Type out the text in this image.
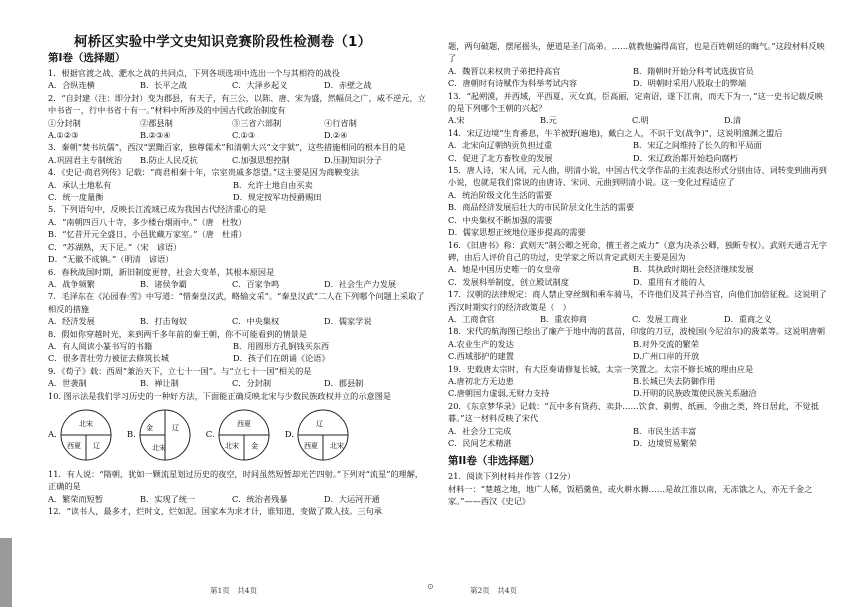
柯桥区实验中学文史知识竞赛阶段性检测卷（1）
第Ⅰ卷（选择题）
1．根据官渡之战、淝水之战的共同点，下列各项选项中选出一个与其相符的战役
A．合纵连横	B．长平之战	C．大泽乡起义	D．赤壁之战
2．“自封建（注：即分封）变为郡县，有天子，有三公，以陈、唐、宋为盛，然幅员之广，咸不逆元，立中书省一，行中书省十有一。”材料中所涉及的中国古代政治制度有
①分封制	②郡县制	③三省六部制	④行省制
A.①②③	B.②③④	C.①③	D.②④
3．秦朝“焚书坑儒”，西汉“罢黜百家，独尊儒术”和清朝大兴“文字狱”，这些措施相同的根本目的是
A.巩固君主专制统治	B.防止人民反抗	C.加强思想控制	D.压制知识分子
4．《史记·商君列传》记载：“商君相秦十年，宗室贵戚多怨望。”这主要是因为商鞅变法
A．承认土地私有	B．允许土地自由买卖
C．统一度量衡	D．规定按军功授爵赐田
5．下列语句中，反映长江流域已成为我国古代经济重心的是
A．“南朝四百八十寺，多少楼台烟雨中。”（唐　杜牧）
B．“忆昔开元全盛日，小邑犹藏万家室。”（唐　杜甫）
C．“苏湖熟，天下足。”（宋　谚语）
D．“无徽不成镇。”（明清　谚语）
6．春秋战国时期，新旧制度更替，社会大变革，其根本原因是
A．战争频繁	B．诸侯争霸	C．百家争鸣	D．社会生产力发展
7．毛泽东在《沁园春·雪》中写道：“惜秦皇汉武，略输文采”。“秦皇汉武”二人在下列哪个问题上采取了相反的措施
A．经济发展	B．打击匈奴	C．中央集权	D．儒家学说
8．假如你穿越时光，来到两千多年前的秦王朝，你不可能看到的情景是
A．有人阅读小篆书写的书籍	B．用圆形方孔铜钱买东西
C．很多青壮劳力被征去修筑长城	D．孩子们在朗诵《论语》
9．《荀子》载：西周“兼治天下，立七十一国”。与“立七十一国”相关的是
A．世袭制	B．禅让制	C．分封制	D．郡县制
10. 图示法是我们学习历史的一种好方法，下面能正确反映北宋与少数民族政权并立的示意图是
A.
北宋
西夏 辽
B.
金	辽
北宋
C.
西夏
北宋 金
D.
辽
西夏 北宋
11．有人说：“隋朝，犹如一颗流星划过历史的夜空，时间虽然短暂却光芒四射。”下列对“流星”的理解，正确的是
A．繁荣而短暂	B．实现了统一	C．统治者残暴	D．大运河开通
12．“读书人，最多才，烂时文，烂如泥。国家本为求才计，谁知道，变做了欺人技。三句承
第1页　共4页	⊙
题，两句破题，摆尾摇头，便道是圣门高弟。……就教他骗得高官，也是百姓朝廷的晦气。”这段材料反映了
A．魏晋以来权贵子弟把持高官	B．隋朝时开始分科考试选拔官员
C．唐朝时有诗赋作为科举考试内容	D．明朝时采用八股取士的弊端
13．“起朔漠，并西域，平西夏，灭女真，臣高丽，定南诏，遂下江南，而天下为一，”这一史书记载反映的是下列哪个王朝的兴起？
A.宋	B.元	C.明	D.清
14．宋辽边境“生育番息，牛羊被野(遍地)，戴白之人，不识干戈(战争)”，这说明澶渊之盟后
A．北宋向辽朝纳贡负担过重	B．宋辽之间维持了长久的和平局面
C．促进了北方畜牧业的发展	D．宋辽政治都开始趋向腐朽
15．唐人诗，宋人词，元人曲，明清小说，中国古代文学作品的主流表达形式分别由诗、词转变到曲再到小说，也就是我们常说的由唐诗、宋词、元曲到明清小说。这一变化过程适应了
A．统治阶级文化生活的需要
B．商品经济发展后壮大的市民阶层文化生活的需要
C．中央集权不断加强的需要
D．儒家思想正统地位逐步提高的需要
16．《旧唐书》称：武则天“制公卿之死命，擅王者之威力”（意为决杀公卿，独断专权）。武则天通言无字碑，由后人评价自己的功过，史学家之所以肯定武则天主要是因为
A．她是中国历史唯一的女皇帝	B．其执政时期社会经济继续发展
C．发展科举制度，创立殿试制度	D．重用有才能的人
17．汉朝的法律规定：商人禁止穿丝绸和乘车骑马，不许他们及其子孙当官，向他们加倍征税。这说明了西汉时期实行的经济政策是（　）
A．工商食官	B．重农抑商	C．发展工商业	D．重商之义
18．宋代的航海图已绘出了廉产于地中海的菖苗，印度的刀豆，波棱国(今尼泊尔)的菠菜等。这说明唐朝
A.农业生产的发达	B.对外交流的繁荣
C.西域那护的建置	D.广州口岸的开放
19．史载唐太宗时，有大臣奏请修复长城，太宗一笑置之。太宗不修长城的理由应是
A.唐初北方无边患	B.长城已失去防御作用
C.唐朝国力虚弱,无财力支持	D.开明的民族政策使民族关系融洽
20．《东京梦华录》记载：“瓦中多有货药、卖卦……饮食、剃剪、纸画、令曲之类，终日居此，不觉抵暮。”这一材料反映了宋代
A．社会分工完成	B．市民生活丰富
C．民间艺术精湛	D．边境贸易繁荣
第II卷（非选择题）
21．阅读下列材料并作答（12分）
材料一：“楚越之地，地广人稀，饭稻羹鱼，或火耕水耨……是故江淮以南，无冻饿之人，亦无千金之家。”——西汉《史记》
第2页　共4页
